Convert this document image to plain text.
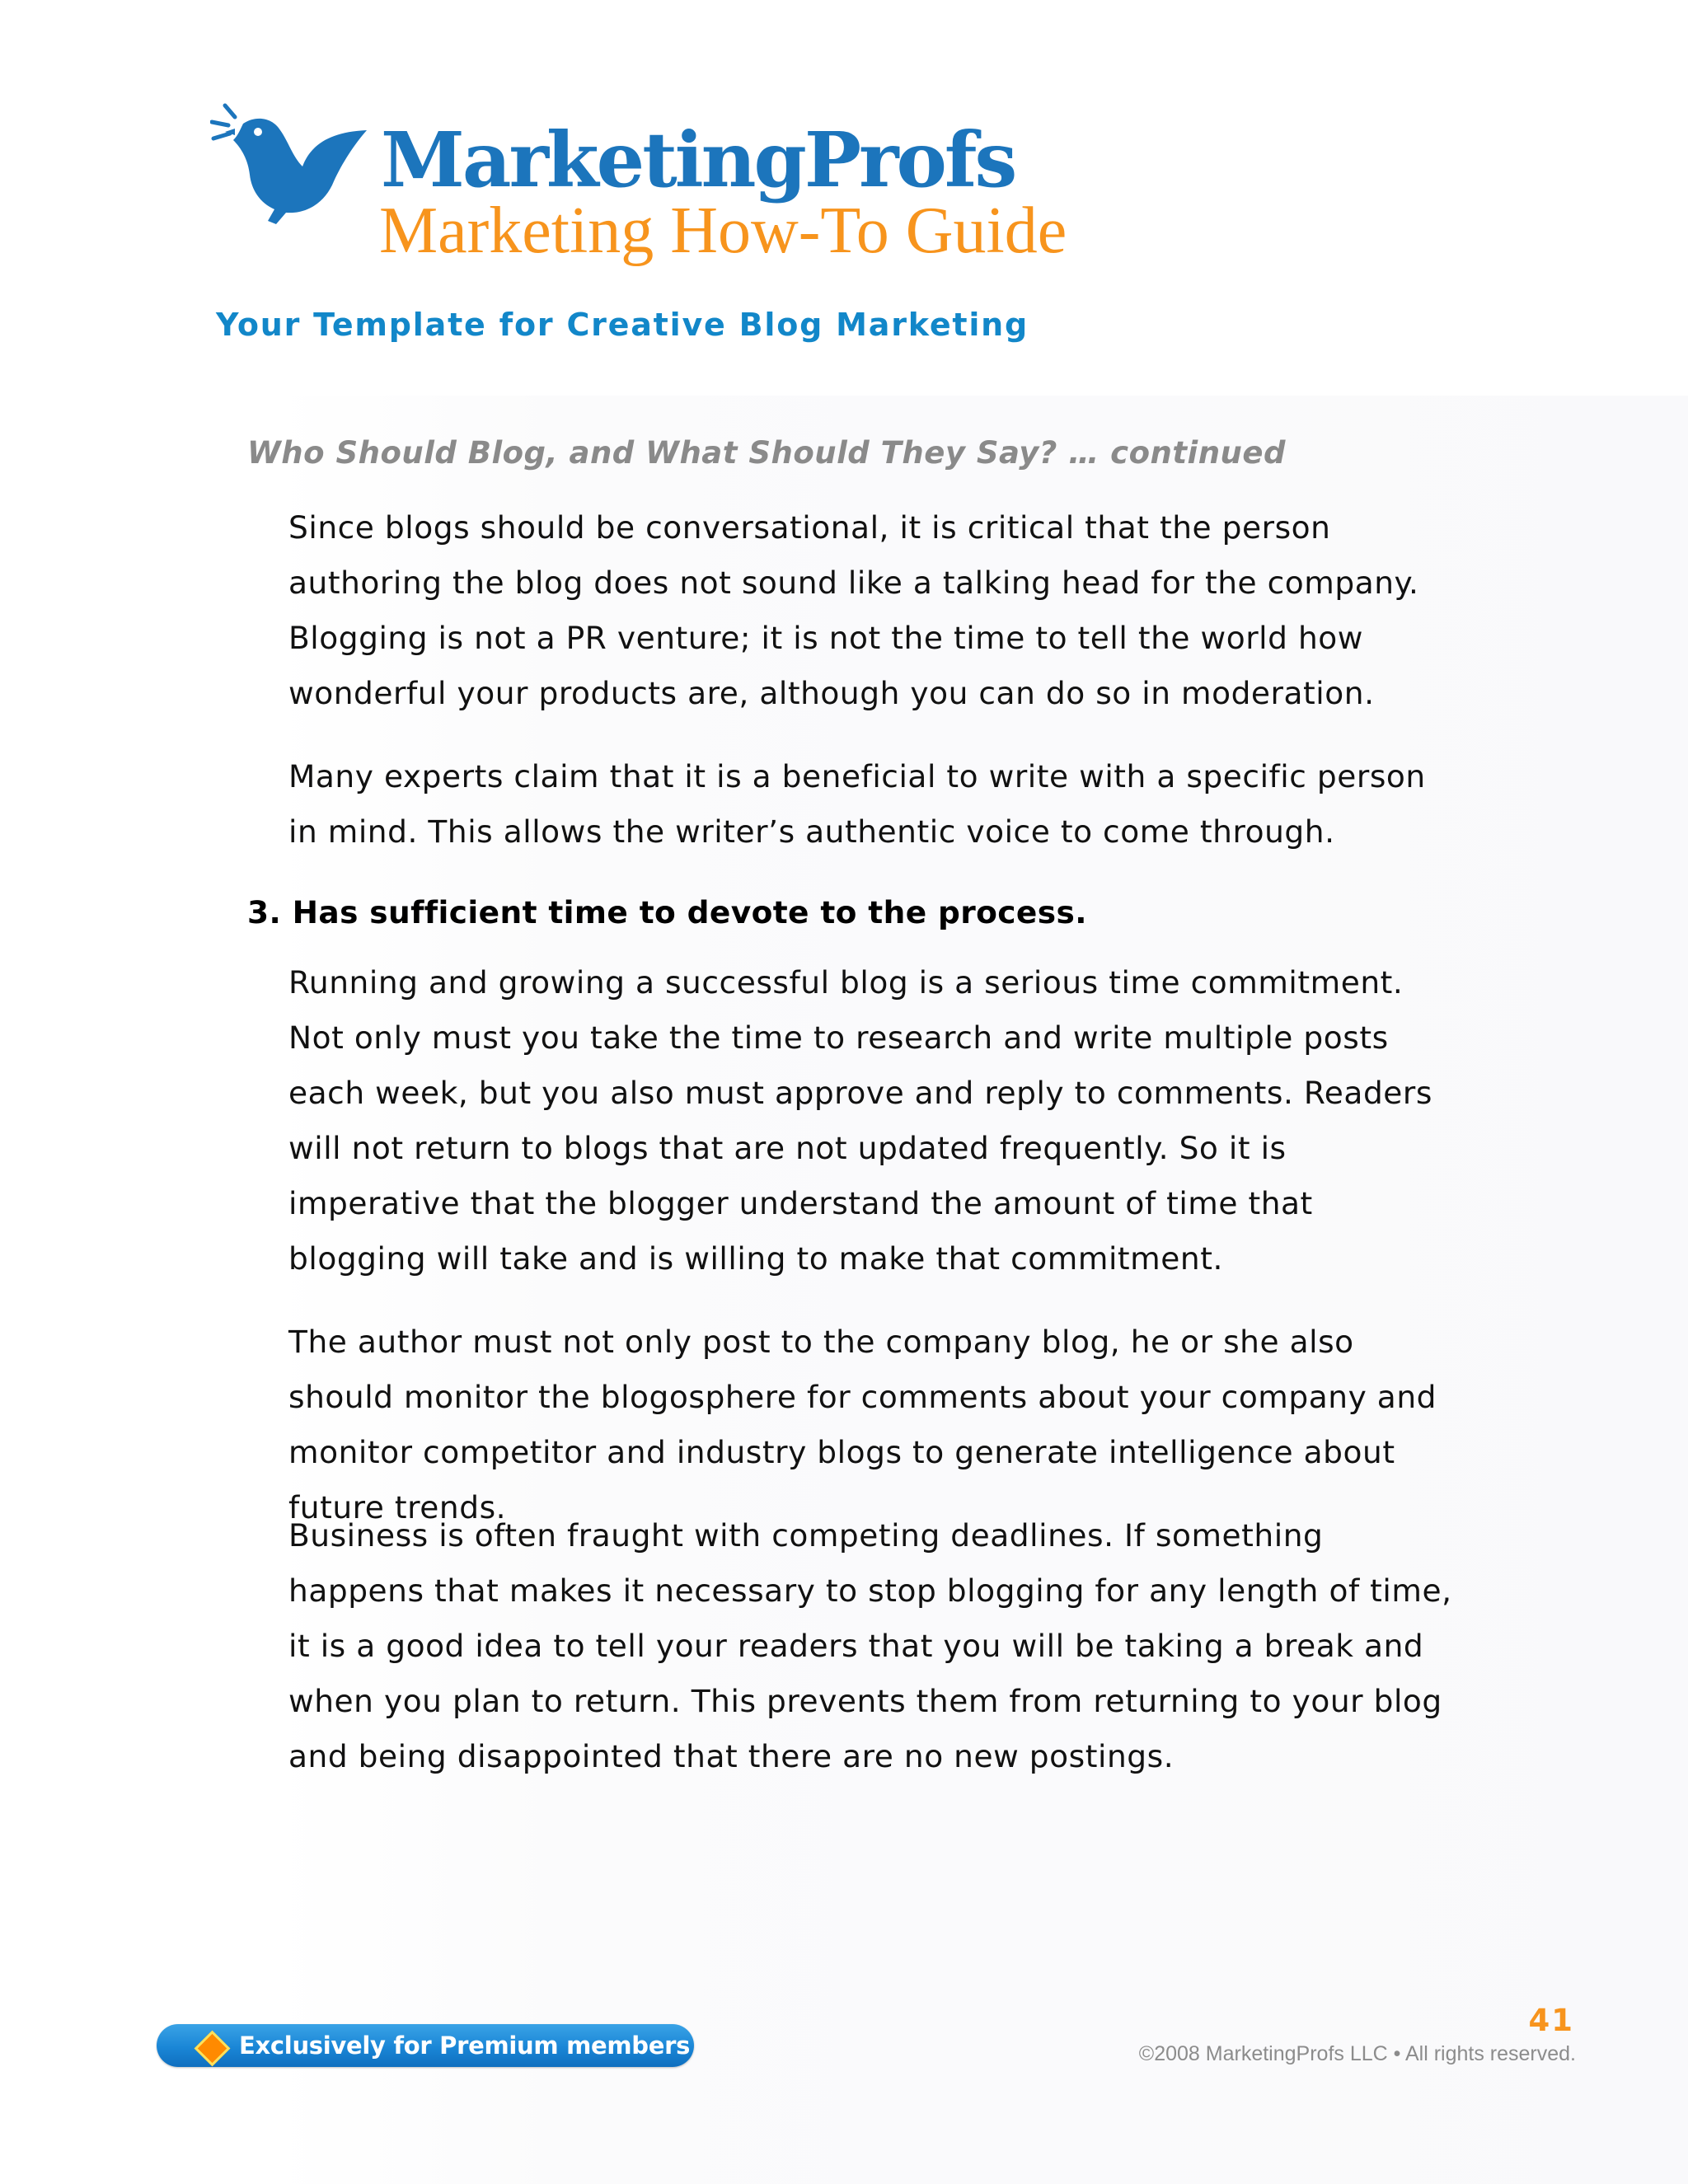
MarketingProfs
Marketing How-To Guide
Your Template for Creative Blog Marketing
Who Should Blog, and What Should They Say? … continued

Since blogs should be conversational, it is critical that the person authoring the blog does not sound like a talking head for the company. Blogging is not a PR venture; it is not the time to tell the world how wonderful your products are, although you can do so in moderation.

Many experts claim that it is a beneficial to write with a specific person in mind. This allows the writer’s authentic voice to come through.

3. Has sufficient time to devote to the process.

Running and growing a successful blog is a serious time commitment. Not only must you take the time to research and write multiple posts each week, but you also must approve and reply to comments. Readers will not return to blogs that are not updated frequently. So it is imperative that the blogger understand the amount of time that blogging will take and is willing to make that commitment.

The author must not only post to the company blog, he or she also should monitor the blogosphere for comments about your company and monitor competitor and industry blogs to generate intelligence about future trends.

Business is often fraught with competing deadlines. If something happens that makes it necessary to stop blogging for any length of time, it is a good idea to tell your readers that you will be taking a break and when you plan to return. This prevents them from returning to your blog and being disappointed that there are no new postings.

Exclusively for Premium members
41
©2008 MarketingProfs LLC • All rights reserved.
